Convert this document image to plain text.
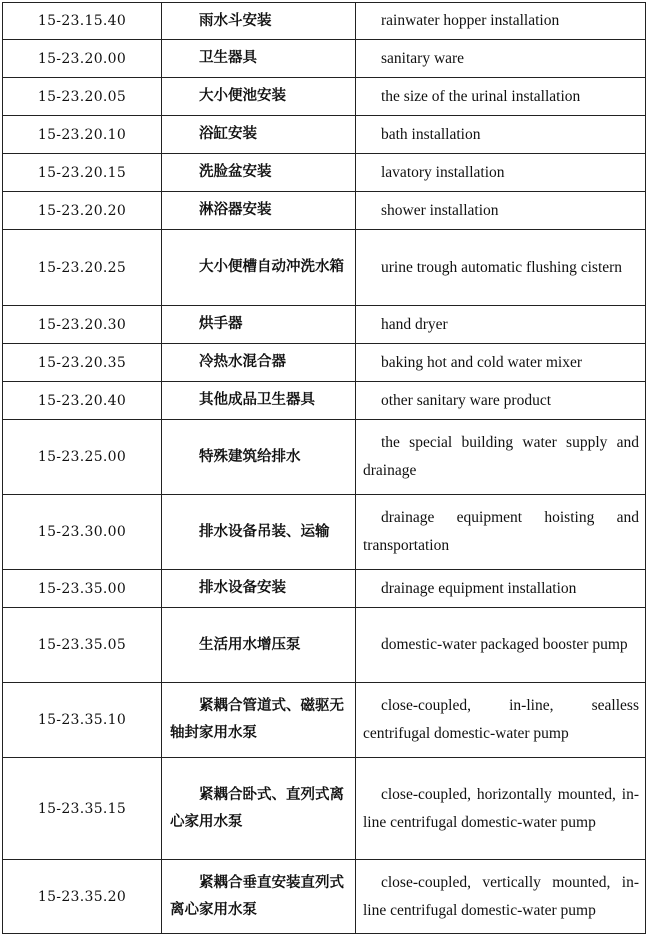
15-23.15.40	雨水斗安装	rainwater hopper installation

15-23.20.00	卫生器具	sanitary ware

15-23.20.05	大小便池安装	the size of the urinal installation

15-23.20.10	浴缸安装	bath installation

15-23.20.15	洗脸盆安装	lavatory installation

15-23.20.20	淋浴器安装	shower installation

15-23.20.25	大小便槽自动冲洗水箱	urine trough automatic flushing cistern

15-23.20.30	烘手器	hand dryer

15-23.20.35	冷热水混合器	baking hot and cold water mixer

15-23.20.40	其他成品卫生器具	other sanitary ware product

15-23.25.00	特殊建筑给排水	the special building water supply and drainage

15-23.30.00	排水设备吊装、运输	drainage equipment hoisting and transportation

15-23.35.00	排水设备安装	drainage equipment installation

15-23.35.05	生活用水增压泵	domestic-water packaged booster pump

15-23.35.10	紧耦合管道式、磁驱无轴封家用水泵	close-coupled, in-line, sealless centrifugal domestic-water pump

15-23.35.15	紧耦合卧式、直列式离心家用水泵	close-coupled, horizontally mounted, in-line centrifugal domestic-water pump

15-23.35.20	紧耦合垂直安装直列式离心家用水泵	close-coupled, vertically mounted, in-line centrifugal domestic-water pump
